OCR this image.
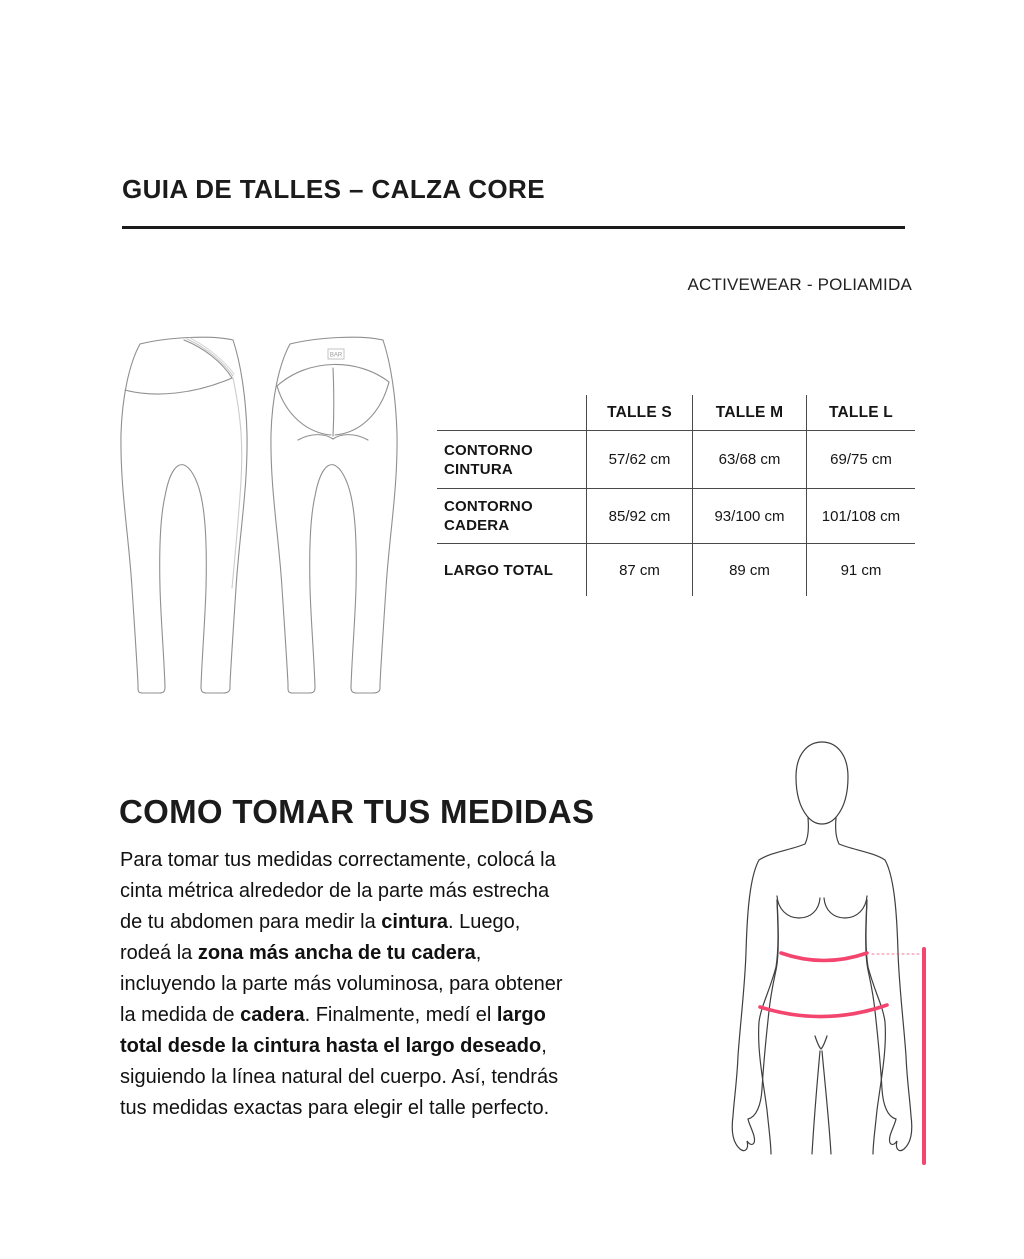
GUIA DE TALLES – CALZA CORE
ACTIVEWEAR - POLIAMIDA
BAR
TALLE S	TALLE M	TALLE L
CONTORNO CINTURA
57/62 cm	63/68 cm	69/75 cm
CONTORNO CADERA
85/92 cm	93/100 cm	101/108 cm
LARGO TOTAL	87 cm	89 cm	91 cm
COMO TOMAR TUS MEDIDAS
Para tomar tus medidas correctamente, colocá la
cinta métrica alrededor de la parte más estrecha
de tu abdomen para medir la cintura. Luego,
rodeá la zona más ancha de tu cadera,
incluyendo la parte más voluminosa, para obtener
la medida de cadera. Finalmente, medí el largo
total desde la cintura hasta el largo deseado,
siguiendo la línea natural del cuerpo. Así, tendrás
tus medidas exactas para elegir el talle perfecto.
